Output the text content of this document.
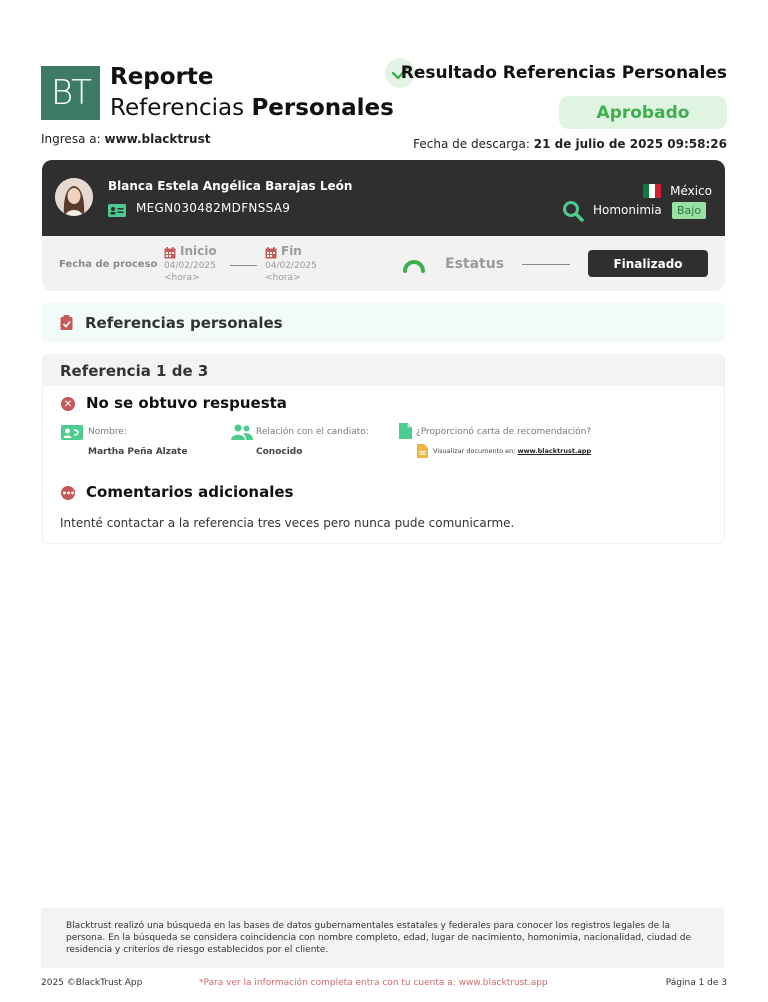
BT Reporte
Referencias Personales
Ingresa a: www.blacktrust
Resultado Referencias Personales
Aprobado
Fecha de descarga: 21 de julio de 2025 09:58:26
Blanca Estela Angélica Barajas León
MEGN030482MDFNSSA9
México
Homonimia	Bajo
Fecha de proceso
Inicio
04/02/2025
<hora>
Fin
04/02/2025
<hora>
Estatus	Finalizado
Referencias personales
Referencia 1 de 3
✕ No se obtuvo respuesta
Nombre:
Martha Peña Alzate
Relación con el candiato:
Conocido
¿Proporcionó carta de recomendación?
Visualizar documento en: www.blacktrust.app
••• Comentarios adicionales
Intenté contactar a la referencia tres veces pero nunca pude comunicarme.
Blacktrust realizó una búsqueda en las bases de datos gubernamentales estatales y federales para conocer los registros legales de la persona. En la búsqueda se considera coincidencia con nombre completo, edad, lugar de nacimiento, homonimia, nacionalidad, ciudad de residencia y criterios de riesgo establecidos por el cliente.
2025 ©BlackTrust App	*Para ver la información completa entra con tu cuenta a: www.blacktrust.app	Página 1 de 3
